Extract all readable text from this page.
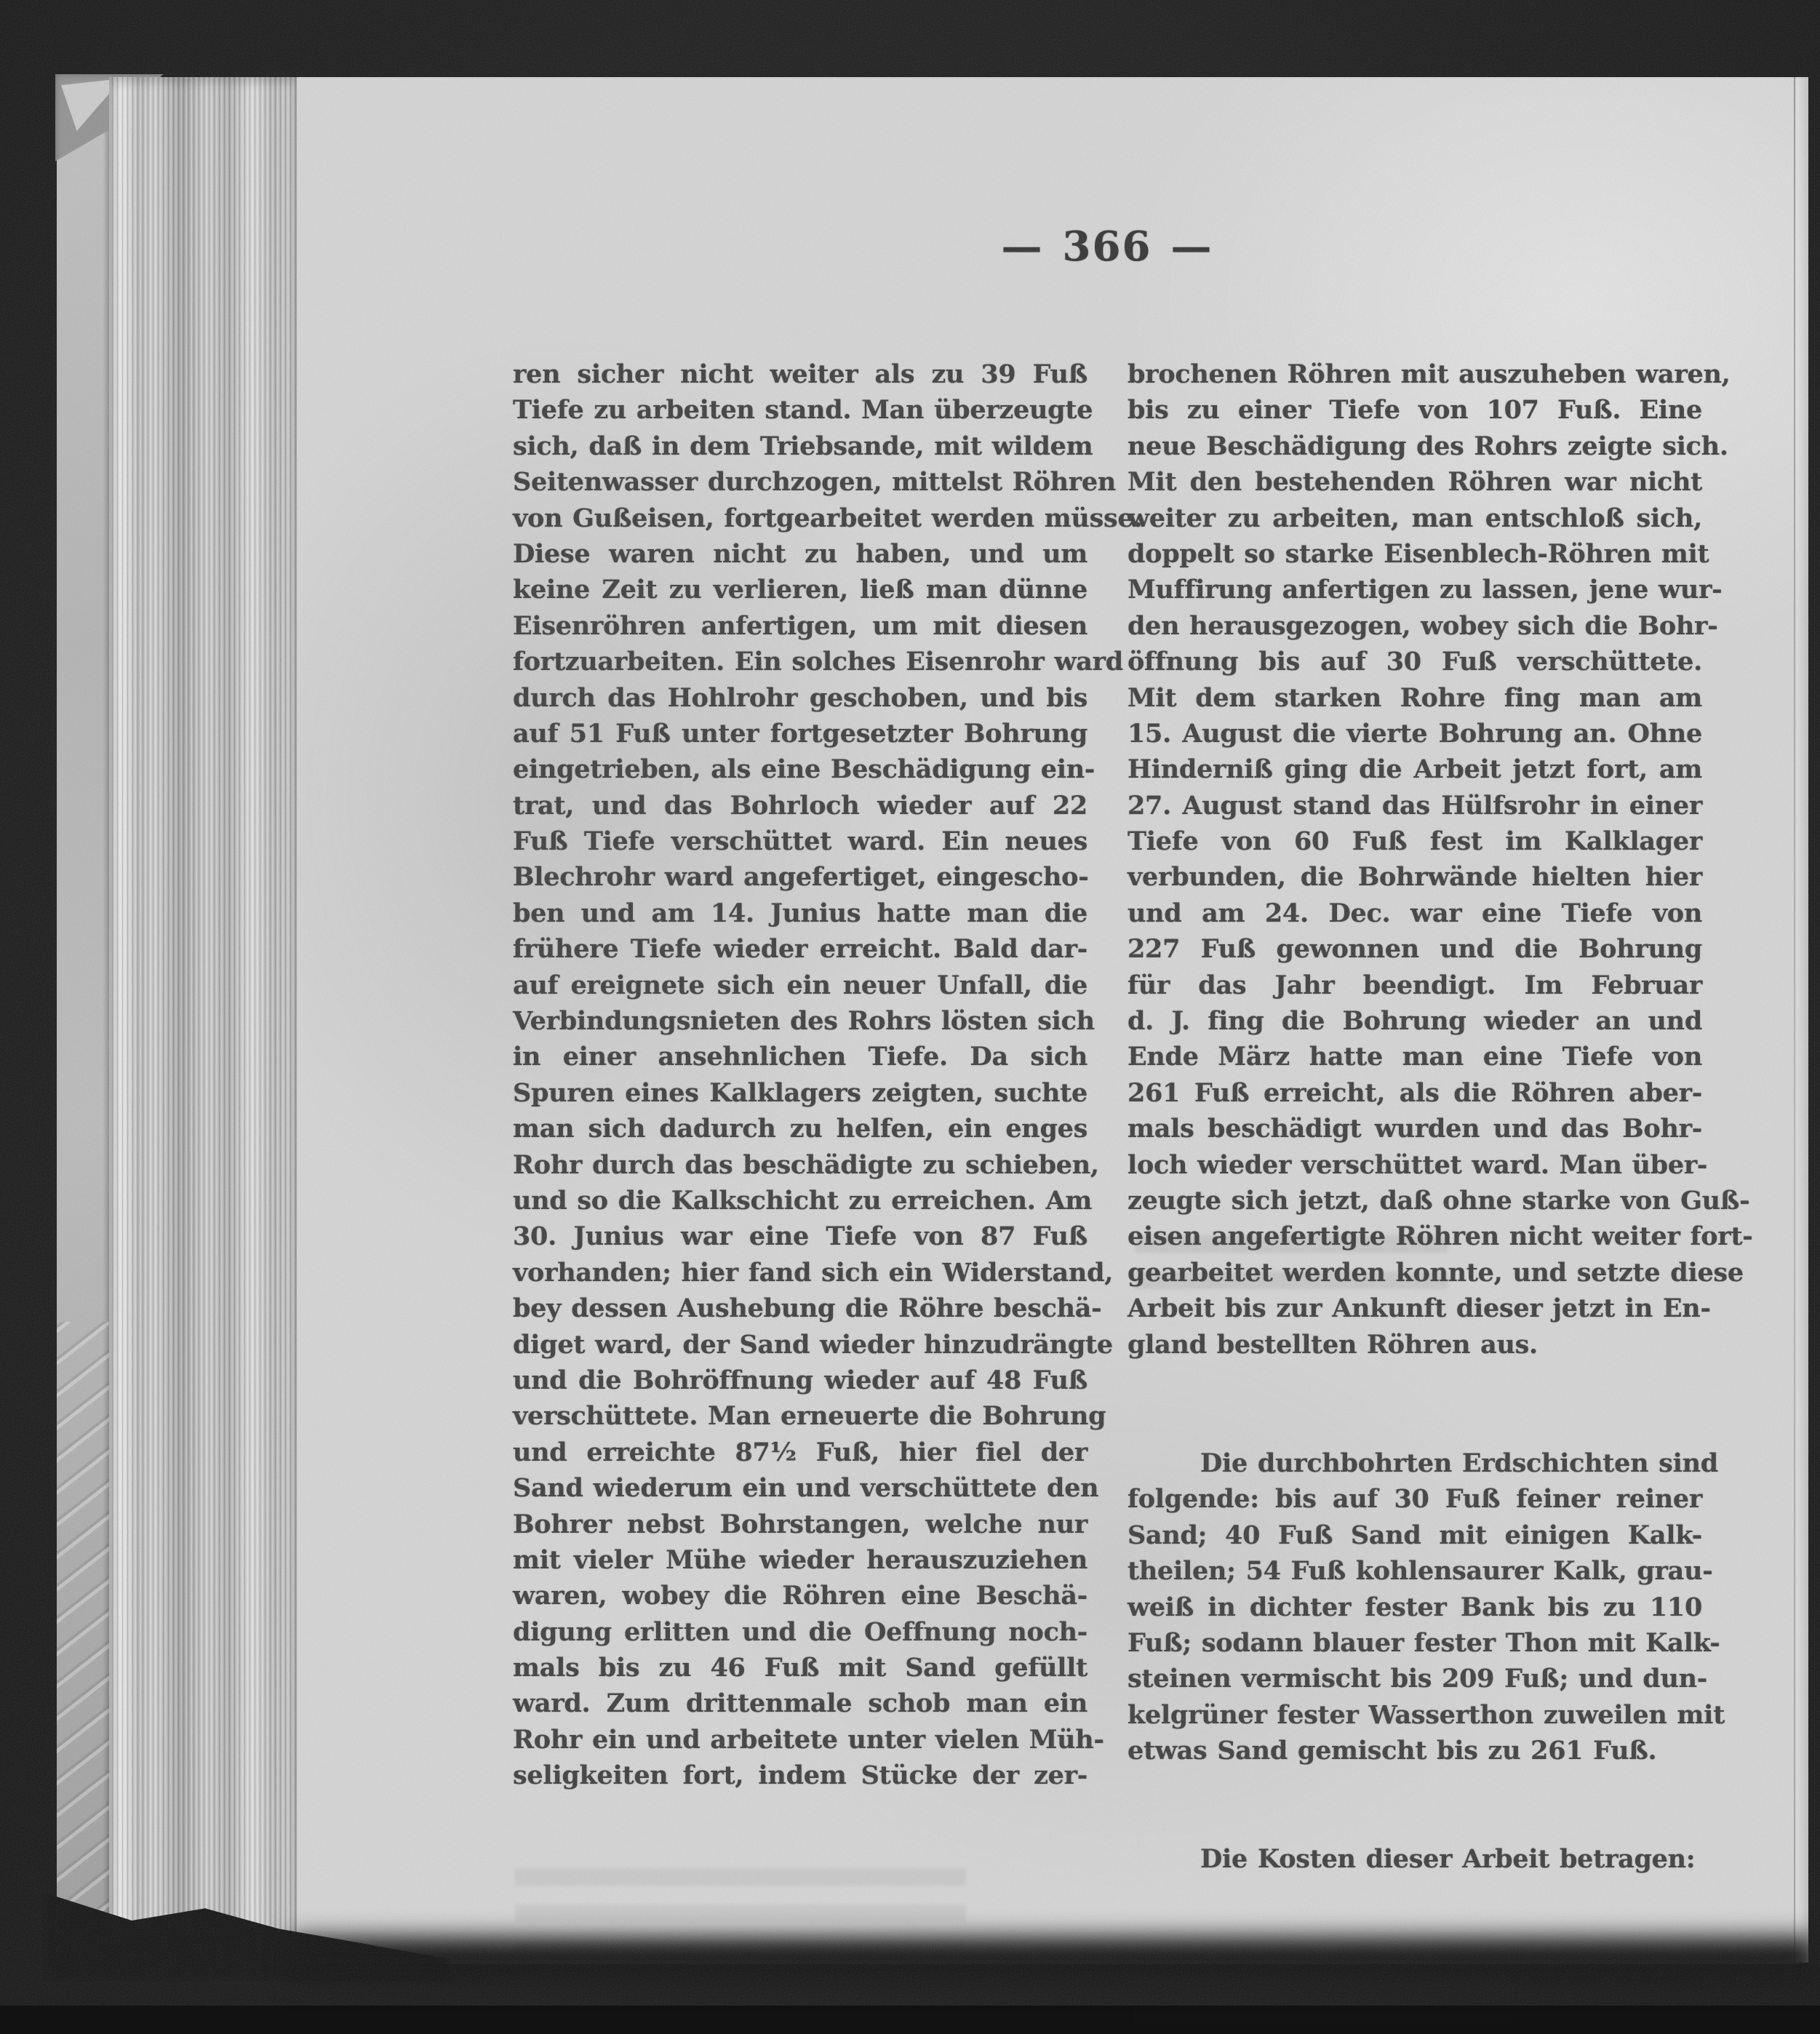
— 366 —
ren sicher nicht weiter als zu 39 Fuß
Tiefe zu arbeiten stand. Man überzeugte
sich, daß in dem Triebsande, mit wildem
Seitenwasser durchzogen, mittelst Röhren
von Gußeisen, fortgearbeitet werden müsse.
Diese waren nicht zu haben, und um
keine Zeit zu verlieren, ließ man dünne
Eisenröhren anfertigen, um mit diesen
fortzuarbeiten. Ein solches Eisenrohr ward
durch das Hohlrohr geschoben, und bis
auf 51 Fuß unter fortgesetzter Bohrung
eingetrieben, als eine Beschädigung ein-
trat, und das Bohrloch wieder auf 22
Fuß Tiefe verschüttet ward. Ein neues
Blechrohr ward angefertiget, eingescho-
ben und am 14. Junius hatte man die
frühere Tiefe wieder erreicht. Bald dar-
auf ereignete sich ein neuer Unfall, die
Verbindungsnieten des Rohrs lösten sich
in einer ansehnlichen Tiefe. Da sich
Spuren eines Kalklagers zeigten, suchte
man sich dadurch zu helfen, ein enges
Rohr durch das beschädigte zu schieben,
und so die Kalkschicht zu erreichen. Am
30. Junius war eine Tiefe von 87 Fuß
vorhanden; hier fand sich ein Widerstand,
bey dessen Aushebung die Röhre beschä-
diget ward, der Sand wieder hinzudrängte
und die Bohröffnung wieder auf 48 Fuß
verschüttete. Man erneuerte die Bohrung
und erreichte 87½ Fuß, hier fiel der
Sand wiederum ein und verschüttete den
Bohrer nebst Bohrstangen, welche nur
mit vieler Mühe wieder herauszuziehen
waren, wobey die Röhren eine Beschä-
digung erlitten und die Oeffnung noch-
mals bis zu 46 Fuß mit Sand gefüllt
ward. Zum drittenmale schob man ein
Rohr ein und arbeitete unter vielen Müh-
seligkeiten fort, indem Stücke der zer-
brochenen Röhren mit auszuheben waren,
bis zu einer Tiefe von 107 Fuß. Eine
neue Beschädigung des Rohrs zeigte sich.
Mit den bestehenden Röhren war nicht
weiter zu arbeiten, man entschloß sich,
doppelt so starke Eisenblech-Röhren mit
Muffirung anfertigen zu lassen, jene wur-
den herausgezogen, wobey sich die Bohr-
öffnung bis auf 30 Fuß verschüttete.
Mit dem starken Rohre fing man am
15. August die vierte Bohrung an. Ohne
Hinderniß ging die Arbeit jetzt fort, am
27. August stand das Hülfsrohr in einer
Tiefe von 60 Fuß fest im Kalklager
verbunden, die Bohrwände hielten hier
und am 24. Dec. war eine Tiefe von
227 Fuß gewonnen und die Bohrung
für das Jahr beendigt. Im Februar
d. J. fing die Bohrung wieder an und
Ende März hatte man eine Tiefe von
261 Fuß erreicht, als die Röhren aber-
mals beschädigt wurden und das Bohr-
loch wieder verschüttet ward. Man über-
zeugte sich jetzt, daß ohne starke von Guß-
eisen angefertigte Röhren nicht weiter fort-
gearbeitet werden konnte, und setzte diese
Arbeit bis zur Ankunft dieser jetzt in En-
gland bestellten Röhren aus.
Die durchbohrten Erdschichten sind
folgende: bis auf 30 Fuß feiner reiner
Sand; 40 Fuß Sand mit einigen Kalk-
theilen; 54 Fuß kohlensaurer Kalk, grau-
weiß in dichter fester Bank bis zu 110
Fuß; sodann blauer fester Thon mit Kalk-
steinen vermischt bis 209 Fuß; und dun-
kelgrüner fester Wasserthon zuweilen mit
etwas Sand gemischt bis zu 261 Fuß.
Die Kosten dieser Arbeit betragen:
